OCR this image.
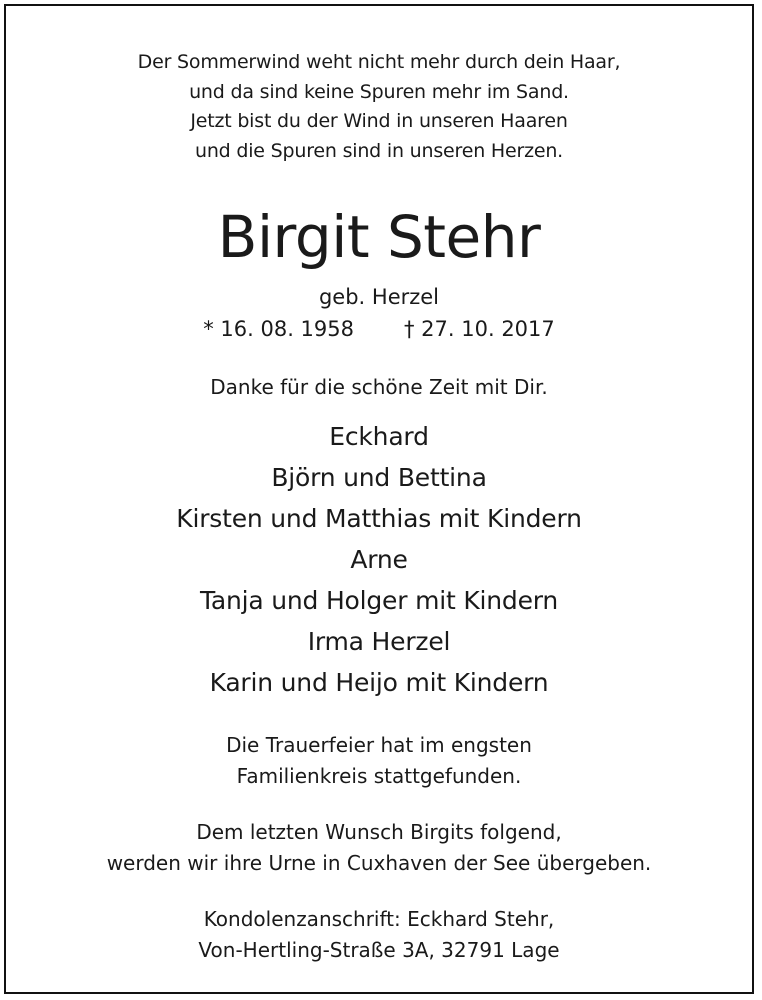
Der Sommerwind weht nicht mehr durch dein Haar,
und da sind keine Spuren mehr im Sand.
Jetzt bist du der Wind in unseren Haaren
und die Spuren sind in unseren Herzen.
Birgit Stehr
geb. Herzel
* 16. 08. 1958 † 27. 10. 2017
Danke für die schöne Zeit mit Dir.
Eckhard
Björn und Bettina
Kirsten und Matthias mit Kindern
Arne
Tanja und Holger mit Kindern
Irma Herzel
Karin und Heijo mit Kindern
Die Trauerfeier hat im engsten
Familienkreis stattgefunden.
Dem letzten Wunsch Birgits folgend,
werden wir ihre Urne in Cuxhaven der See übergeben.
Kondolenzanschrift: Eckhard Stehr,
Von-Hertling-Straße 3A, 32791 Lage
